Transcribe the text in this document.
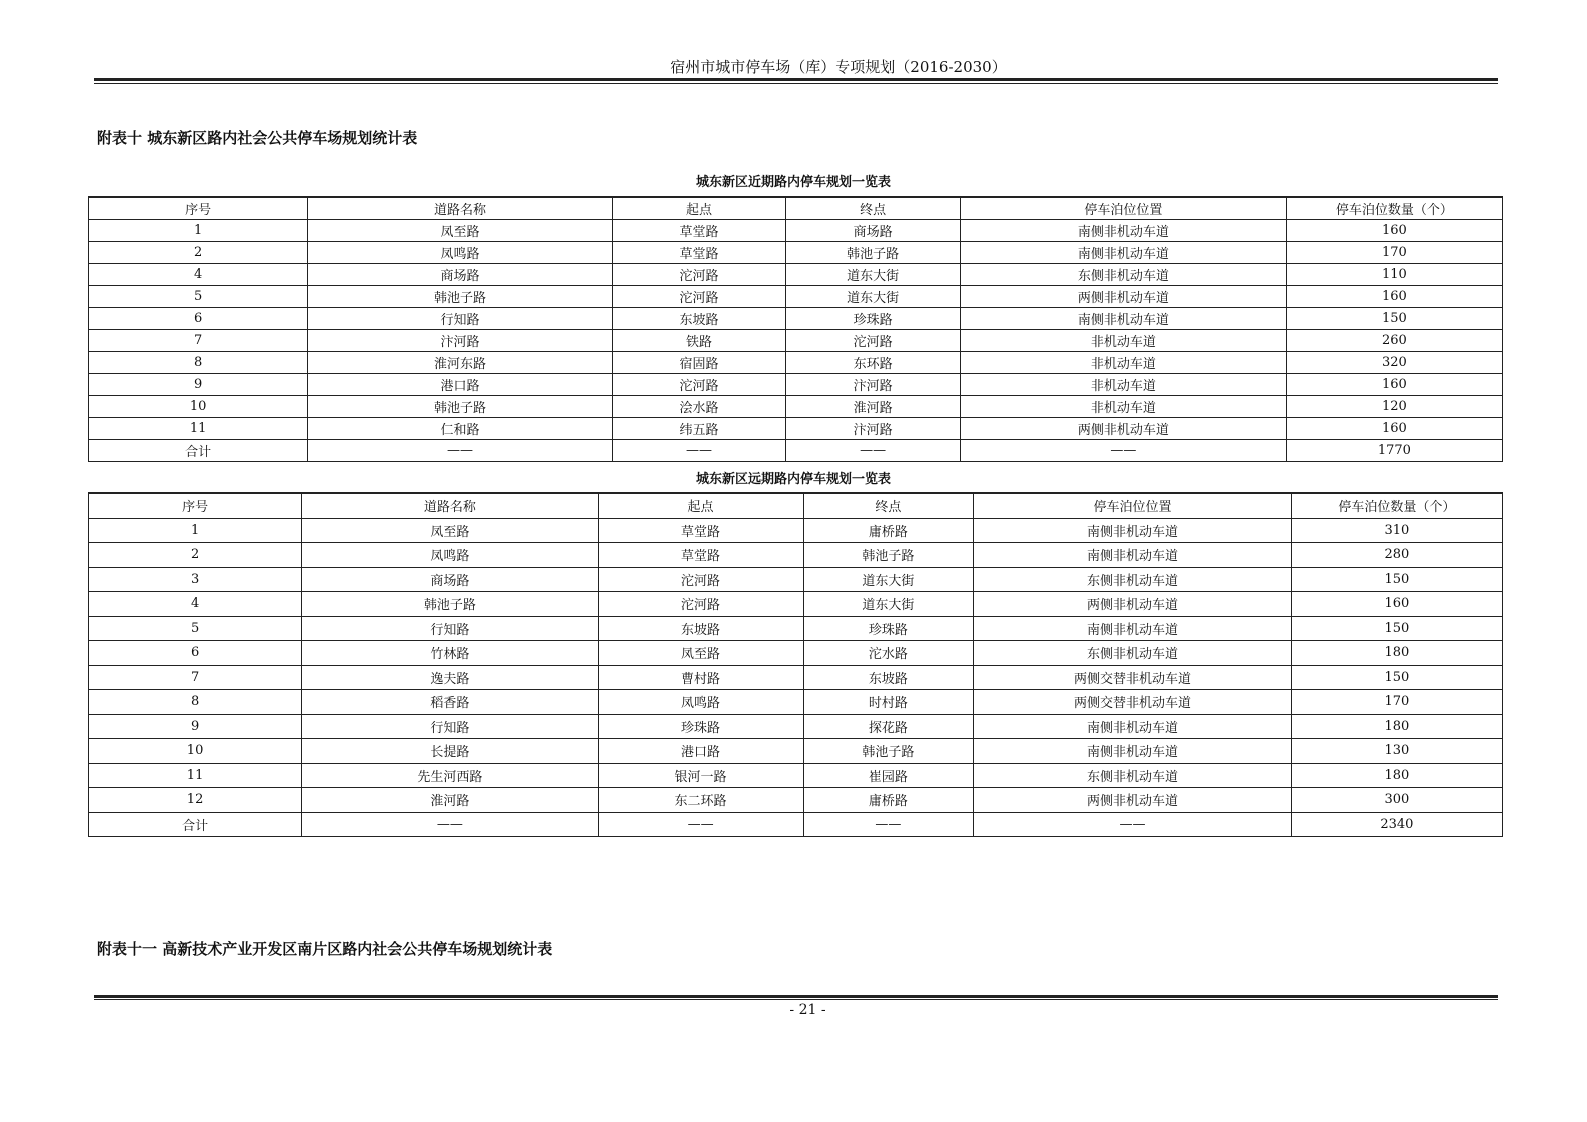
宿州市城市停车场（库）专项规划（2016-2030）
附表十 城东新区路内社会公共停车场规划统计表
城东新区近期路内停车规划一览表
序号	道路名称	起点	终点	停车泊位位置	停车泊位数量（个）
1	凤至路	草堂路	商场路	南侧非机动车道	160
2	凤鸣路	草堂路	韩池子路	南侧非机动车道	170
4	商场路	沱河路	道东大街	东侧非机动车道	110
5	韩池子路	沱河路	道东大街	两侧非机动车道	160
6	行知路	东坡路	珍珠路	南侧非机动车道	150
7	汴河路	铁路	沱河路	非机动车道	260
8	淮河东路	宿固路	东环路	非机动车道	320
9	港口路	沱河路	汴河路	非机动车道	160
10	韩池子路	浍水路	淮河路	非机动车道	120
11	仁和路	纬五路	汴河路	两侧非机动车道	160
合计	——	——	——	——	1770
城东新区远期路内停车规划一览表
序号	道路名称	起点	终点	停车泊位位置	停车泊位数量（个）
1	凤至路	草堂路	庸桥路	南侧非机动车道	310
2	凤鸣路	草堂路	韩池子路	南侧非机动车道	280
3	商场路	沱河路	道东大街	东侧非机动车道	150
4	韩池子路	沱河路	道东大街	两侧非机动车道	160
5	行知路	东坡路	珍珠路	南侧非机动车道	150
6	竹林路	凤至路	沱水路	东侧非机动车道	180
7	逸夫路	曹村路	东坡路	两侧交替非机动车道	150
8	稻香路	凤鸣路	时村路	两侧交替非机动车道	170
9	行知路	珍珠路	探花路	南侧非机动车道	180
10	长提路	港口路	韩池子路	南侧非机动车道	130
11	先生河西路	银河一路	崔园路	东侧非机动车道	180
12	淮河路	东二环路	庸桥路	两侧非机动车道	300
合计	——	——	——	——	2340
附表十一 高新技术产业开发区南片区路内社会公共停车场规划统计表
- 21 -
